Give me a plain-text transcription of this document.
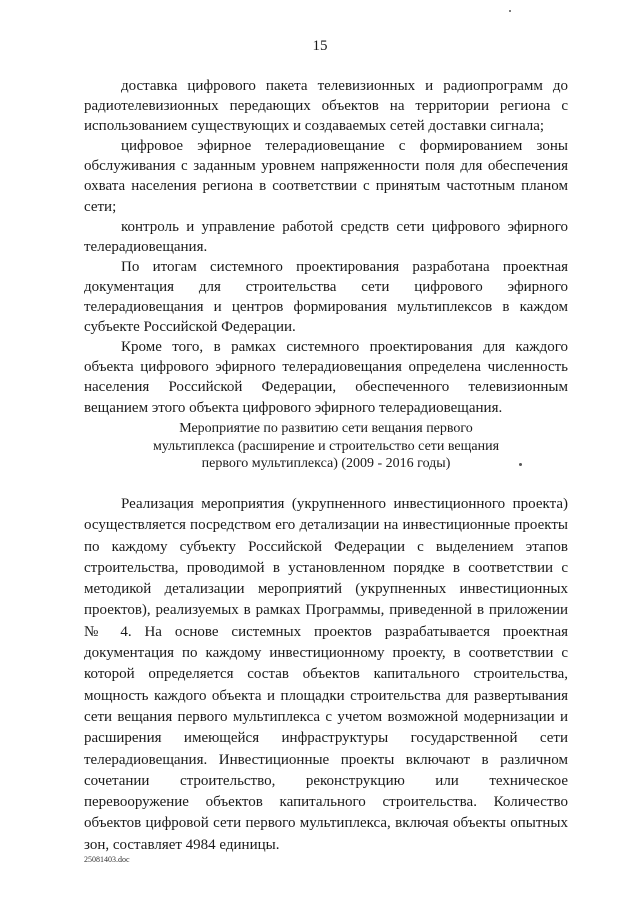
15

доставка цифрового пакета телевизионных и радиопрограмм до радиотелевизионных передающих объектов на территории региона с использованием существующих и создаваемых сетей доставки сигнала;

цифровое эфирное телерадиовещание с формированием зоны обслуживания с заданным уровнем напряженности поля для обеспечения охвата населения региона в соответствии с принятым частотным планом сети;

контроль и управление работой средств сети цифрового эфирного телерадиовещания.

По итогам системного проектирования разработана проектная документация для строительства сети цифрового эфирного телерадиовещания и центров формирования мультиплексов в каждом субъекте Российской Федерации.

Кроме того, в рамках системного проектирования для каждого объекта цифрового эфирного телерадиовещания определена численность населения Российской Федерации, обеспеченного телевизионным вещанием этого объекта цифрового эфирного телерадиовещания.

Мероприятие по развитию сети вещания первого
мультиплекса (расширение и строительство сети вещания
первого мультиплекса) (2009 - 2016 годы)

Реализация мероприятия (укрупненного инвестиционного проекта) осуществляется посредством его детализации на инвестиционные проекты по каждому субъекту Российской Федерации с выделением этапов строительства, проводимой в установленном порядке в соответствии с методикой детализации мероприятий (укрупненных инвестиционных проектов), реализуемых в рамках Программы, приведенной в приложении № 4. На основе системных проектов разрабатывается проектная документация по каждому инвестиционному проекту, в соответствии с которой определяется состав объектов капитального строительства, мощность каждого объекта и площадки строительства для развертывания сети вещания первого мультиплекса с учетом возможной модернизации и расширения имеющейся инфраструктуры государственной сети телерадиовещания. Инвестиционные проекты включают в различном сочетании строительство, реконструкцию или техническое перевооружение объектов капитального строительства. Количество объектов цифровой сети первого мультиплекса, включая объекты опытных зон, составляет 4984 единицы.

25081403.doc
